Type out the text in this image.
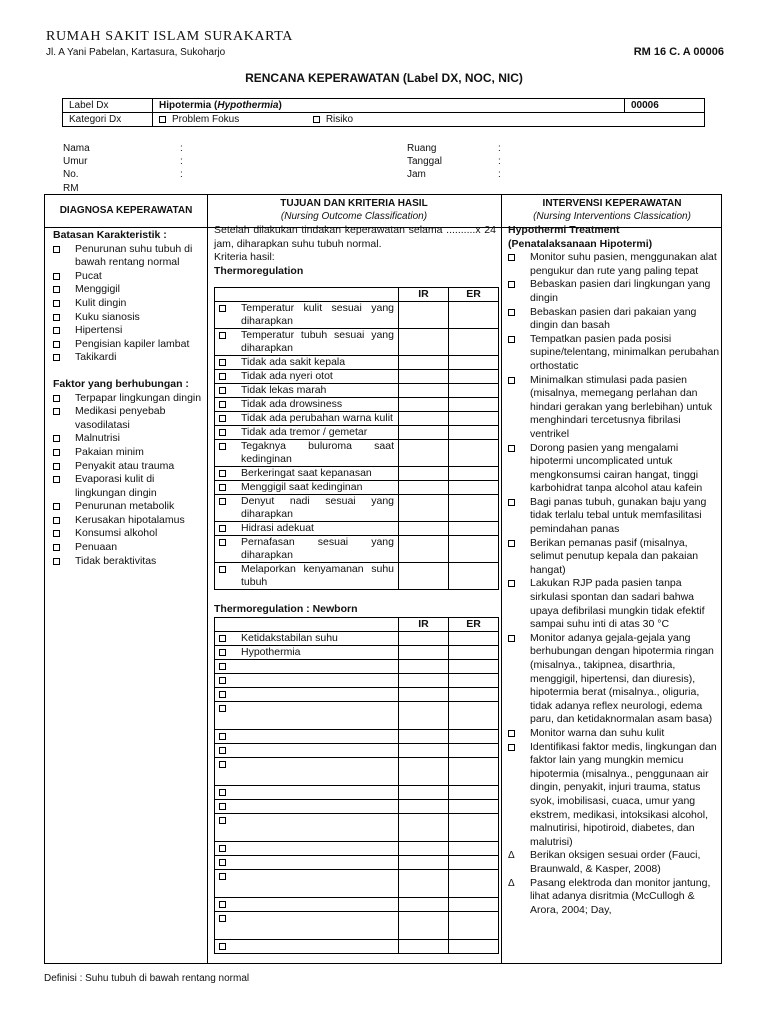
RUMAH SAKIT ISLAM SURAKARTA
Jl. A Yani Pabelan, Kartasura, Sukoharjo	RM 16 C. A 00006
RENCANA KEPERAWATAN (Label DX, NOC, NIC)
Label Dx	Hipotermia (Hypothermia)	00006
Kategori Dx	Problem Fokus Risiko	
Nama	:
Umur	:
No. RM
:
Ruang	:
Tanggal	:
Jam	:
DIAGNOSA KEPERAWATAN
TUJUAN DAN KRITERIA HASIL
(Nursing Outcome Classification)
INTERVENSI KEPERAWATAN
(Nursing Interventions Classication)
Batasan Karakteristik :
Penurunan suhu tubuh di bawah rentang normal
Pucat
Menggigil
Kulit dingin
Kuku sianosis
Hipertensi
Pengisian kapiler lambat
Takikardi
Faktor yang berhubungan :
Terpapar lingkungan dingin
Medikasi penyebab vasodilatasi
Malnutrisi
Pakaian minim
Penyakit atau trauma
Evaporasi kulit di lingkungan dingin
Penurunan metabolik
Kerusakan hipotalamus
Konsumsi alkohol
Penuaan
Tidak beraktivitas
Setelah dilakukan tindakan keperawatan selama ..........x 24 jam, diharapkan suhu tubuh normal.
Kriteria hasil:
Thermoregulation
	IR	ER

Temperatur kulit sesuai yang diharapkan		

Temperatur tubuh sesuai yang diharapkan		

Tidak ada sakit kepala		

Tidak ada nyeri otot		

Tidak lekas marah		

Tidak ada drowsiness		

Tidak ada perubahan warna kulit		

Tidak ada tremor / gemetar		

Tegaknya buluroma saat kedinginan		

Berkeringat saat kepanasan		

Menggigil saat kedinginan		

Denyut nadi sesuai yang diharapkan		

Hidrasi adekuat		

Pernafasan sesuai yang diharapkan		

Melaporkan kenyamanan suhu tubuh		

Thermoregulation : Newborn
	IR	ER

Ketidakstabilan suhu		

Hypothermia		

Hypothermi Treatment
(Penatalaksanaan Hipotermi)
Monitor suhu pasien, menggunakan alat pengukur dan rute yang paling tepat
Bebaskan pasien dari lingkungan yang dingin
Bebaskan pasien dari pakaian yang dingin dan basah
Tempatkan pasien pada posisi supine/telentang, minimalkan perubahan orthostatic
Minimalkan stimulasi pada pasien (misalnya, memegang perlahan dan hindari gerakan yang berlebihan) untuk menghindari tercetusnya fibrilasi ventrikel
Dorong pasien yang mengalami hipotermi uncomplicated untuk mengkonsumsi cairan hangat, tinggi karbohidrat tanpa alcohol atau kafein
Bagi panas tubuh, gunakan baju yang tidak terlalu tebal untuk memfasilitasi pemindahan panas
Berikan pemanas pasif (misalnya, selimut penutup kepala dan pakaian hangat)
Lakukan RJP pada pasien tanpa sirkulasi spontan dan sadari bahwa upaya defibrilasi mungkin tidak efektif sampai suhu inti di atas 30 °C
Monitor adanya gejala-gejala yang berhubungan dengan hipotermia ringan (misalnya., takipnea, disarthria, menggigil, hipertensi, dan diuresis), hipotermia berat (misalnya., oliguria, tidak adanya reflex neurologi, edema paru, dan ketidaknormalan asam basa)
Monitor warna dan suhu kulit
Identifikasi faktor medis, lingkungan dan faktor lain yang mungkin memicu hipotermia (misalnya., penggunaan air dingin, penyakit, injuri trauma, status syok, imobilisasi, cuaca, umur yang ekstrem, medikasi, intoksikasi alcohol, malnutirisi, hipotiroid, diabetes, dan malutrisi)
Δ Berikan oksigen sesuai order (Fauci, Braunwald, & Kasper, 2008)
Δ Pasang elektroda dan monitor jantung, lihat adanya disritmia (McCullogh & Arora, 2004; Day,
Definisi : Suhu tubuh di bawah rentang normal
